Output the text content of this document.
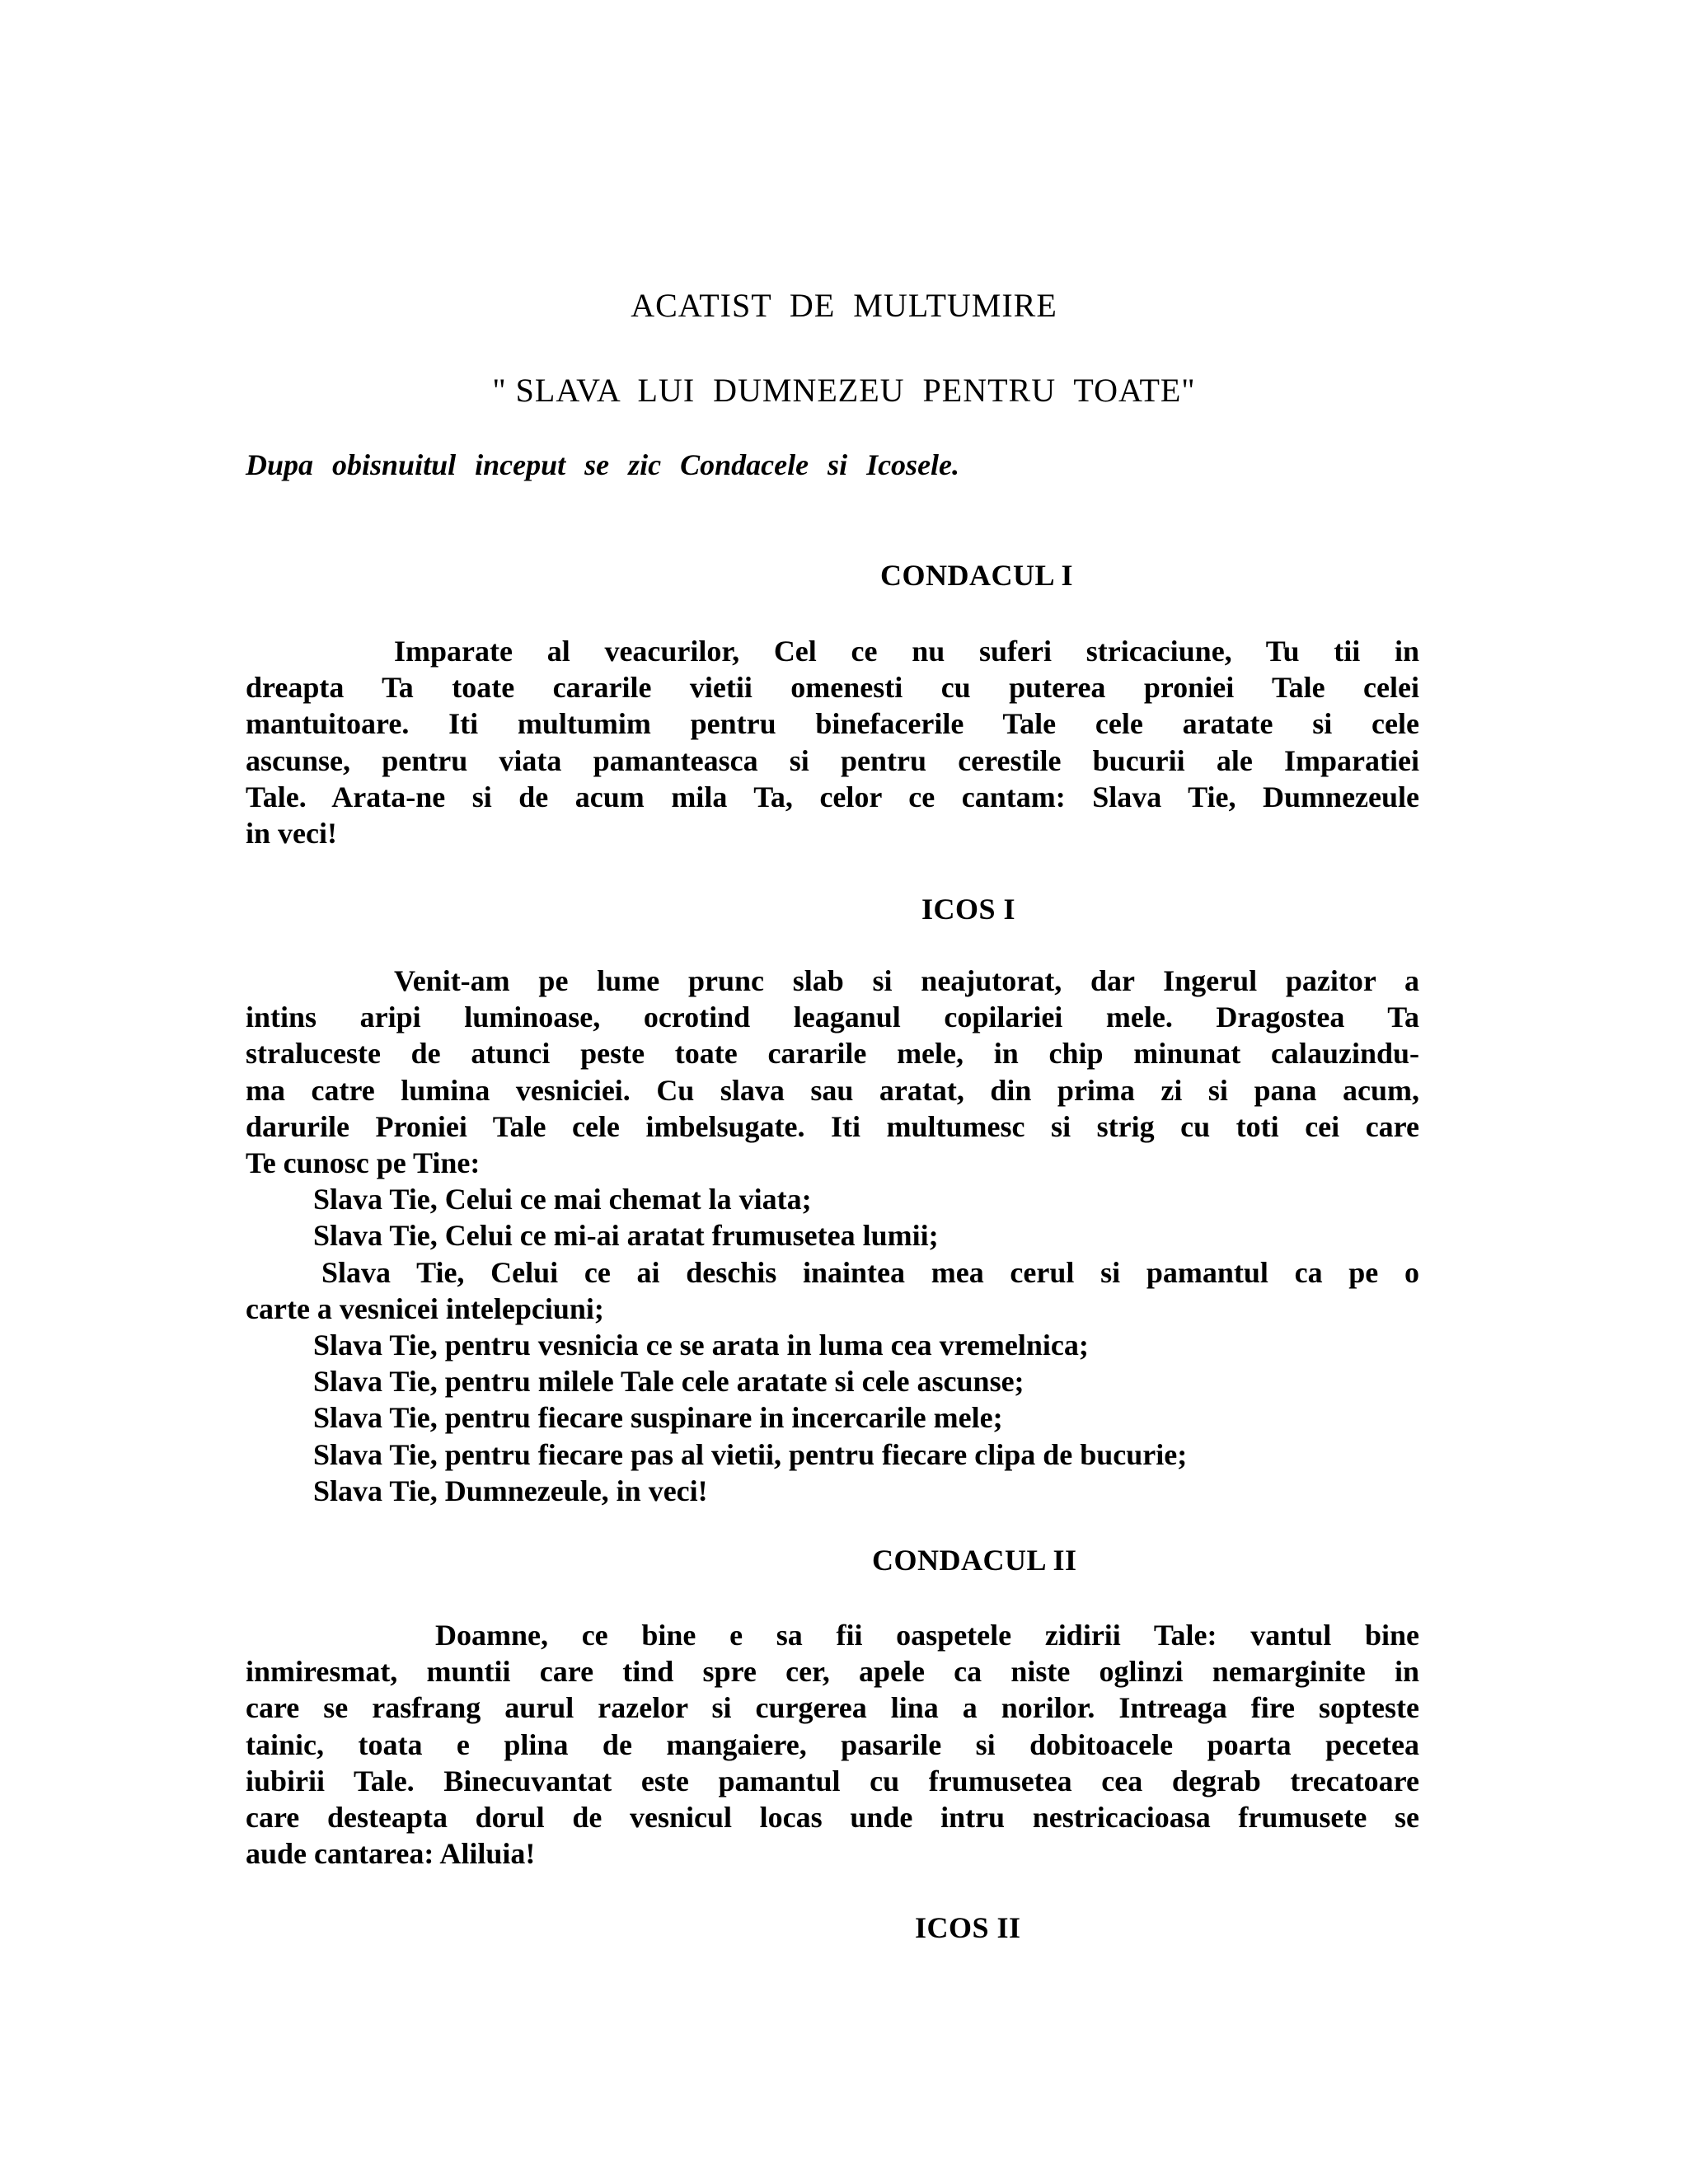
ACATIST  DE  MULTUMIRE
" SLAVA  LUI  DUMNEZEU  PENTRU  TOATE"
Dupa obisnuitul inceput se zic Condacele si Icosele.
CONDACUL I
Imparate al veacurilor, Cel ce nu suferi stricaciune, Tu tii in
dreapta Ta toate cararile vietii omenesti cu puterea proniei Tale celei
mantuitoare. Iti multumim pentru binefacerile Tale cele aratate si cele
ascunse, pentru viata pamanteasca si pentru cerestile bucurii ale Imparatiei
Tale. Arata-ne si de acum mila Ta, celor ce cantam: Slava Tie, Dumnezeule
in veci!
ICOS I
Venit-am pe lume prunc slab si neajutorat, dar Ingerul pazitor a
intins aripi luminoase, ocrotind leaganul copilariei mele. Dragostea Ta
straluceste de atunci peste toate cararile mele, in chip minunat calauzindu-
ma catre lumina vesniciei. Cu slava sau aratat, din prima zi si pana acum,
darurile Proniei Tale cele imbelsugate. Iti multumesc si strig cu toti cei care
Te cunosc pe Tine:
Slava Tie, Celui ce mai chemat la viata;
Slava Tie, Celui ce mi-ai aratat frumusetea lumii;
Slava Tie, Celui ce ai deschis inaintea mea cerul si pamantul ca pe o
carte a vesnicei intelepciuni;
Slava Tie, pentru vesnicia ce se arata in luma cea vremelnica;
Slava Tie, pentru milele Tale cele aratate si cele ascunse;
Slava Tie, pentru fiecare suspinare in incercarile mele;
Slava Tie, pentru fiecare pas al vietii, pentru fiecare clipa de bucurie;
Slava Tie, Dumnezeule, in veci!
CONDACUL II
Doamne, ce bine e sa fii oaspetele zidirii Tale: vantul bine
inmiresmat, muntii care tind spre cer, apele ca niste oglinzi nemarginite in
care se rasfrang aurul razelor si curgerea lina a norilor. Intreaga fire sopteste
tainic, toata e plina de mangaiere, pasarile si dobitoacele poarta pecetea
iubirii Tale. Binecuvantat este pamantul cu frumusetea cea degrab trecatoare
care desteapta dorul de vesnicul locas unde intru nestricacioasa frumusete se
aude cantarea: Aliluia!
ICOS II
